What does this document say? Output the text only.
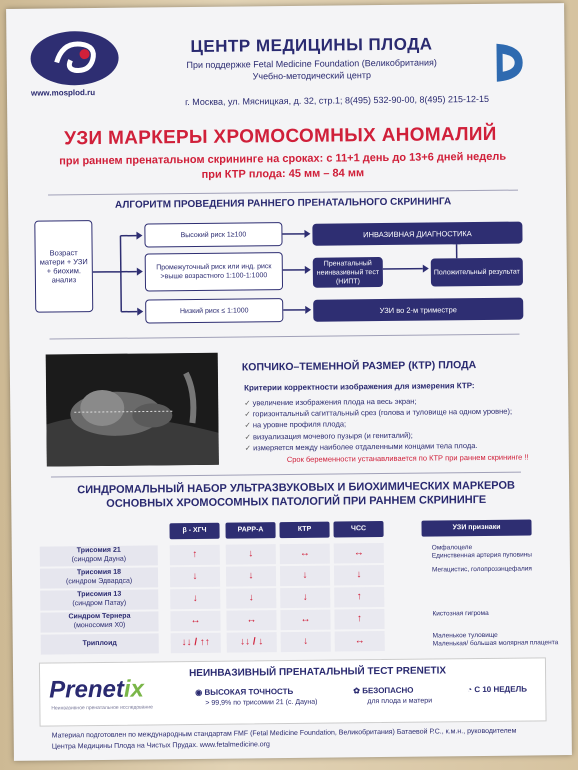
www.mosplod.ru
ЦЕНТР МЕДИЦИНЫ ПЛОДА
При поддержке Fetal Medicine Foundation (Великобритания)
Учебно-методический центр
г. Москва, ул. Мясницкая, д. 32, стр.1; 8(495) 532-90-00, 8(495) 215-12-15
УЗИ МАРКЕРЫ ХРОМОСОМНЫХ АНОМАЛИЙ
при раннем пренатальном скрининге на сроках: с 11+1 день до 13+6 дней недель
при КТР плода: 45 мм – 84 мм
АЛГОРИТМ ПРОВЕДЕНИЯ РАННЕГО ПРЕНАТАЛЬНОГО СКРИНИНГА
Возраст матери + УЗИ + биохим. анализ
Высокий риск 1≥100
Промежуточный риск или инд. риск >выше возрастного 1:100-1:1000
Низкий риск ≤ 1:1000
ИНВАЗИВНАЯ ДИАГНОСТИКА
Пренатальный неинвазивный тест (НИПТ)
Положительный результат
УЗИ во 2-м триместре
КОПЧИКО–ТЕМЕННОЙ РАЗМЕР (КТР) ПЛОДА
Критерии корректности изображения для измерения КТР:
✓ увеличение изображения плода на весь экран;
✓ горизонтальный сагиттальный срез (голова и туловище на одном уровне);
✓ на уровне профиля плода;
✓ визуализация мочевого пузыря (и гениталий);
✓ измеряется между наиболее отдаленными концами тела плода.
Срок беременности устанавливается по КТР при раннем скрининге !!
СИНДРОМАЛЬНЫЙ НАБОР УЛЬТРАЗВУКОВЫХ И БИОХИМИЧЕСКИХ МАРКЕРОВ
ОСНОВНЫХ ХРОМОСОМНЫХ ПАТОЛОГИЙ ПРИ РАННЕМ СКРИНИНГЕ
Prenetix
Неинвазивное пренатальное исследование
НЕИНВАЗИВНЫЙ ПРЕНАТАЛЬНЫЙ ТЕСТ PRENETIX
◉ ВЫСОКАЯ ТОЧНОСТЬ
> 99,9% по трисомии 21 (с. Дауна)
✿ БЕЗОПАСНО
для плода и матери
◔ С 10 НЕДЕЛЬ
Материал подготовлен по международным стандартам FMF (Fetal Medicine Foundation, Великобритания) Батаевой Р.С., к.м.н., руководителем Центра Медицины Плода на Чистых Прудах. www.fetalmedicine.org
β - ХГЧ	РАРР-А	КТР	ЧСС	УЗИ признаки
Трисомия 21
(синдром Дауна)	↑	↓	↔	↔	Омфалоцеле
Единственная артерия пуповины
Трисомия 18
(синдром Эдвардса)	↓	↓	↓	↓	Мегацистис, голопрозэнцефалия
Трисомия 13
(синдром Патау)	↓	↓	↓	↑
Синдром Тернера
(моносомия Х0)	↔	↔	↔	↑	Кистозная гигрома
Триплоид	↓↓ / ↑↑	↓↓ / ↓	↓	↔	Маленькое туловище
Маленькая/ большая молярная плацента
